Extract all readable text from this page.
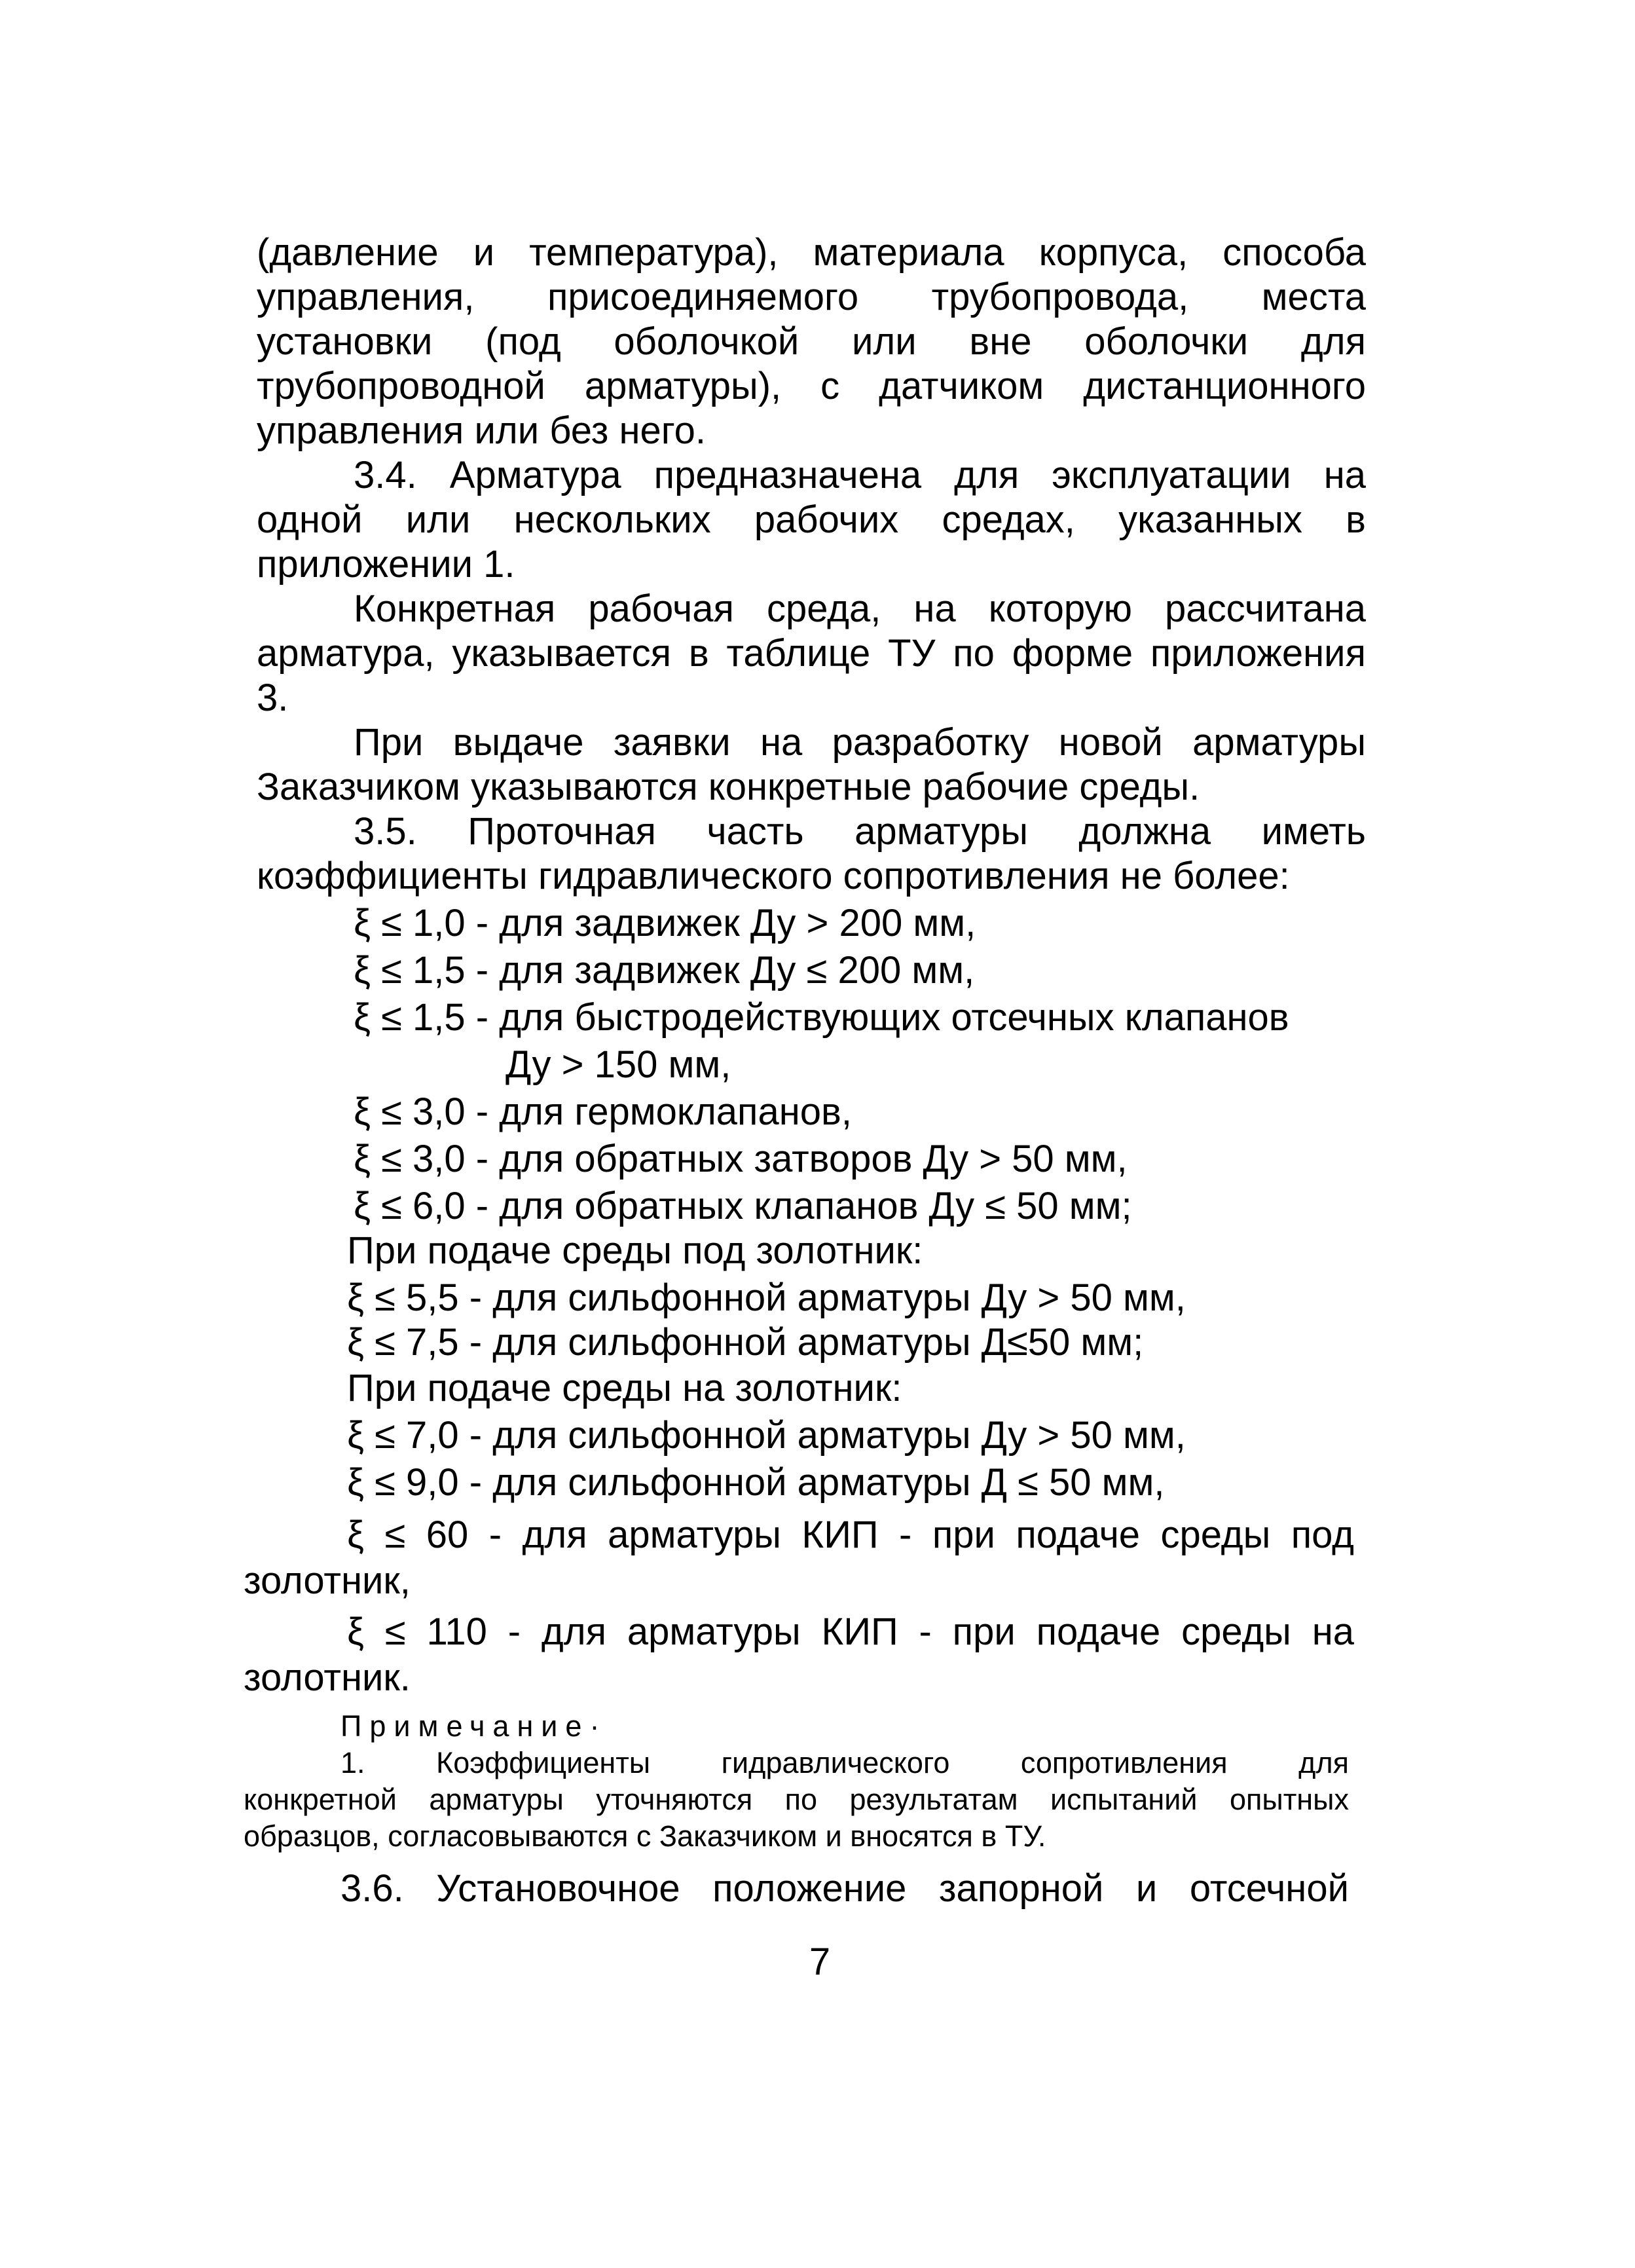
(давление и температура), материала корпуса, способа
управления, присоединяемого трубопровода, места
установки (под оболочкой или вне оболочки для
трубопроводной арматуры), с датчиком дистанционного
управления или без него.
3.4. Арматура предназначена для эксплуатации на
одной или нескольких рабочих средах, указанных в
приложении 1.
Конкретная рабочая среда, на которую рассчитана
арматура, указывается в таблице ТУ по форме приложения
3.
При выдаче заявки на разработку новой арматуры
Заказчиком указываются конкретные рабочие среды.
3.5. Проточная часть арматуры должна иметь
коэффициенты гидравлического сопротивления не более:
ξ ≤ 1,0 - для задвижек Ду > 200 мм,
ξ ≤ 1,5 - для задвижек Ду ≤ 200 мм,
ξ ≤ 1,5 - для быстродействующих отсечных клапанов
Ду > 150 мм,
ξ ≤ 3,0 - для гермоклапанов,
ξ ≤ 3,0 - для обратных затворов Ду > 50 мм,
ξ ≤ 6,0 - для обратных клапанов Ду ≤ 50 мм;
При подаче среды под золотник:
ξ ≤ 5,5 - для сильфонной арматуры Ду > 50 мм,
ξ ≤ 7,5 - для сильфонной арматуры Д≤50 мм;
При подаче среды на золотник:
ξ ≤ 7,0 - для сильфонной арматуры Ду > 50 мм,
ξ ≤ 9,0 - для сильфонной арматуры Д ≤ 50 мм,
ξ ≤ 60 - для арматуры КИП - при подаче среды под
золотник,
ξ ≤ 110 - для арматуры КИП - при подаче среды на
золотник.
Примечание·
1. Коэффициенты гидравлического сопротивления для
конкретной арматуры уточняются по результатам испытаний опытных
образцов, согласовываются с Заказчиком и вносятся в ТУ.
3.6. Установочное положение запорной и отсечной
7
